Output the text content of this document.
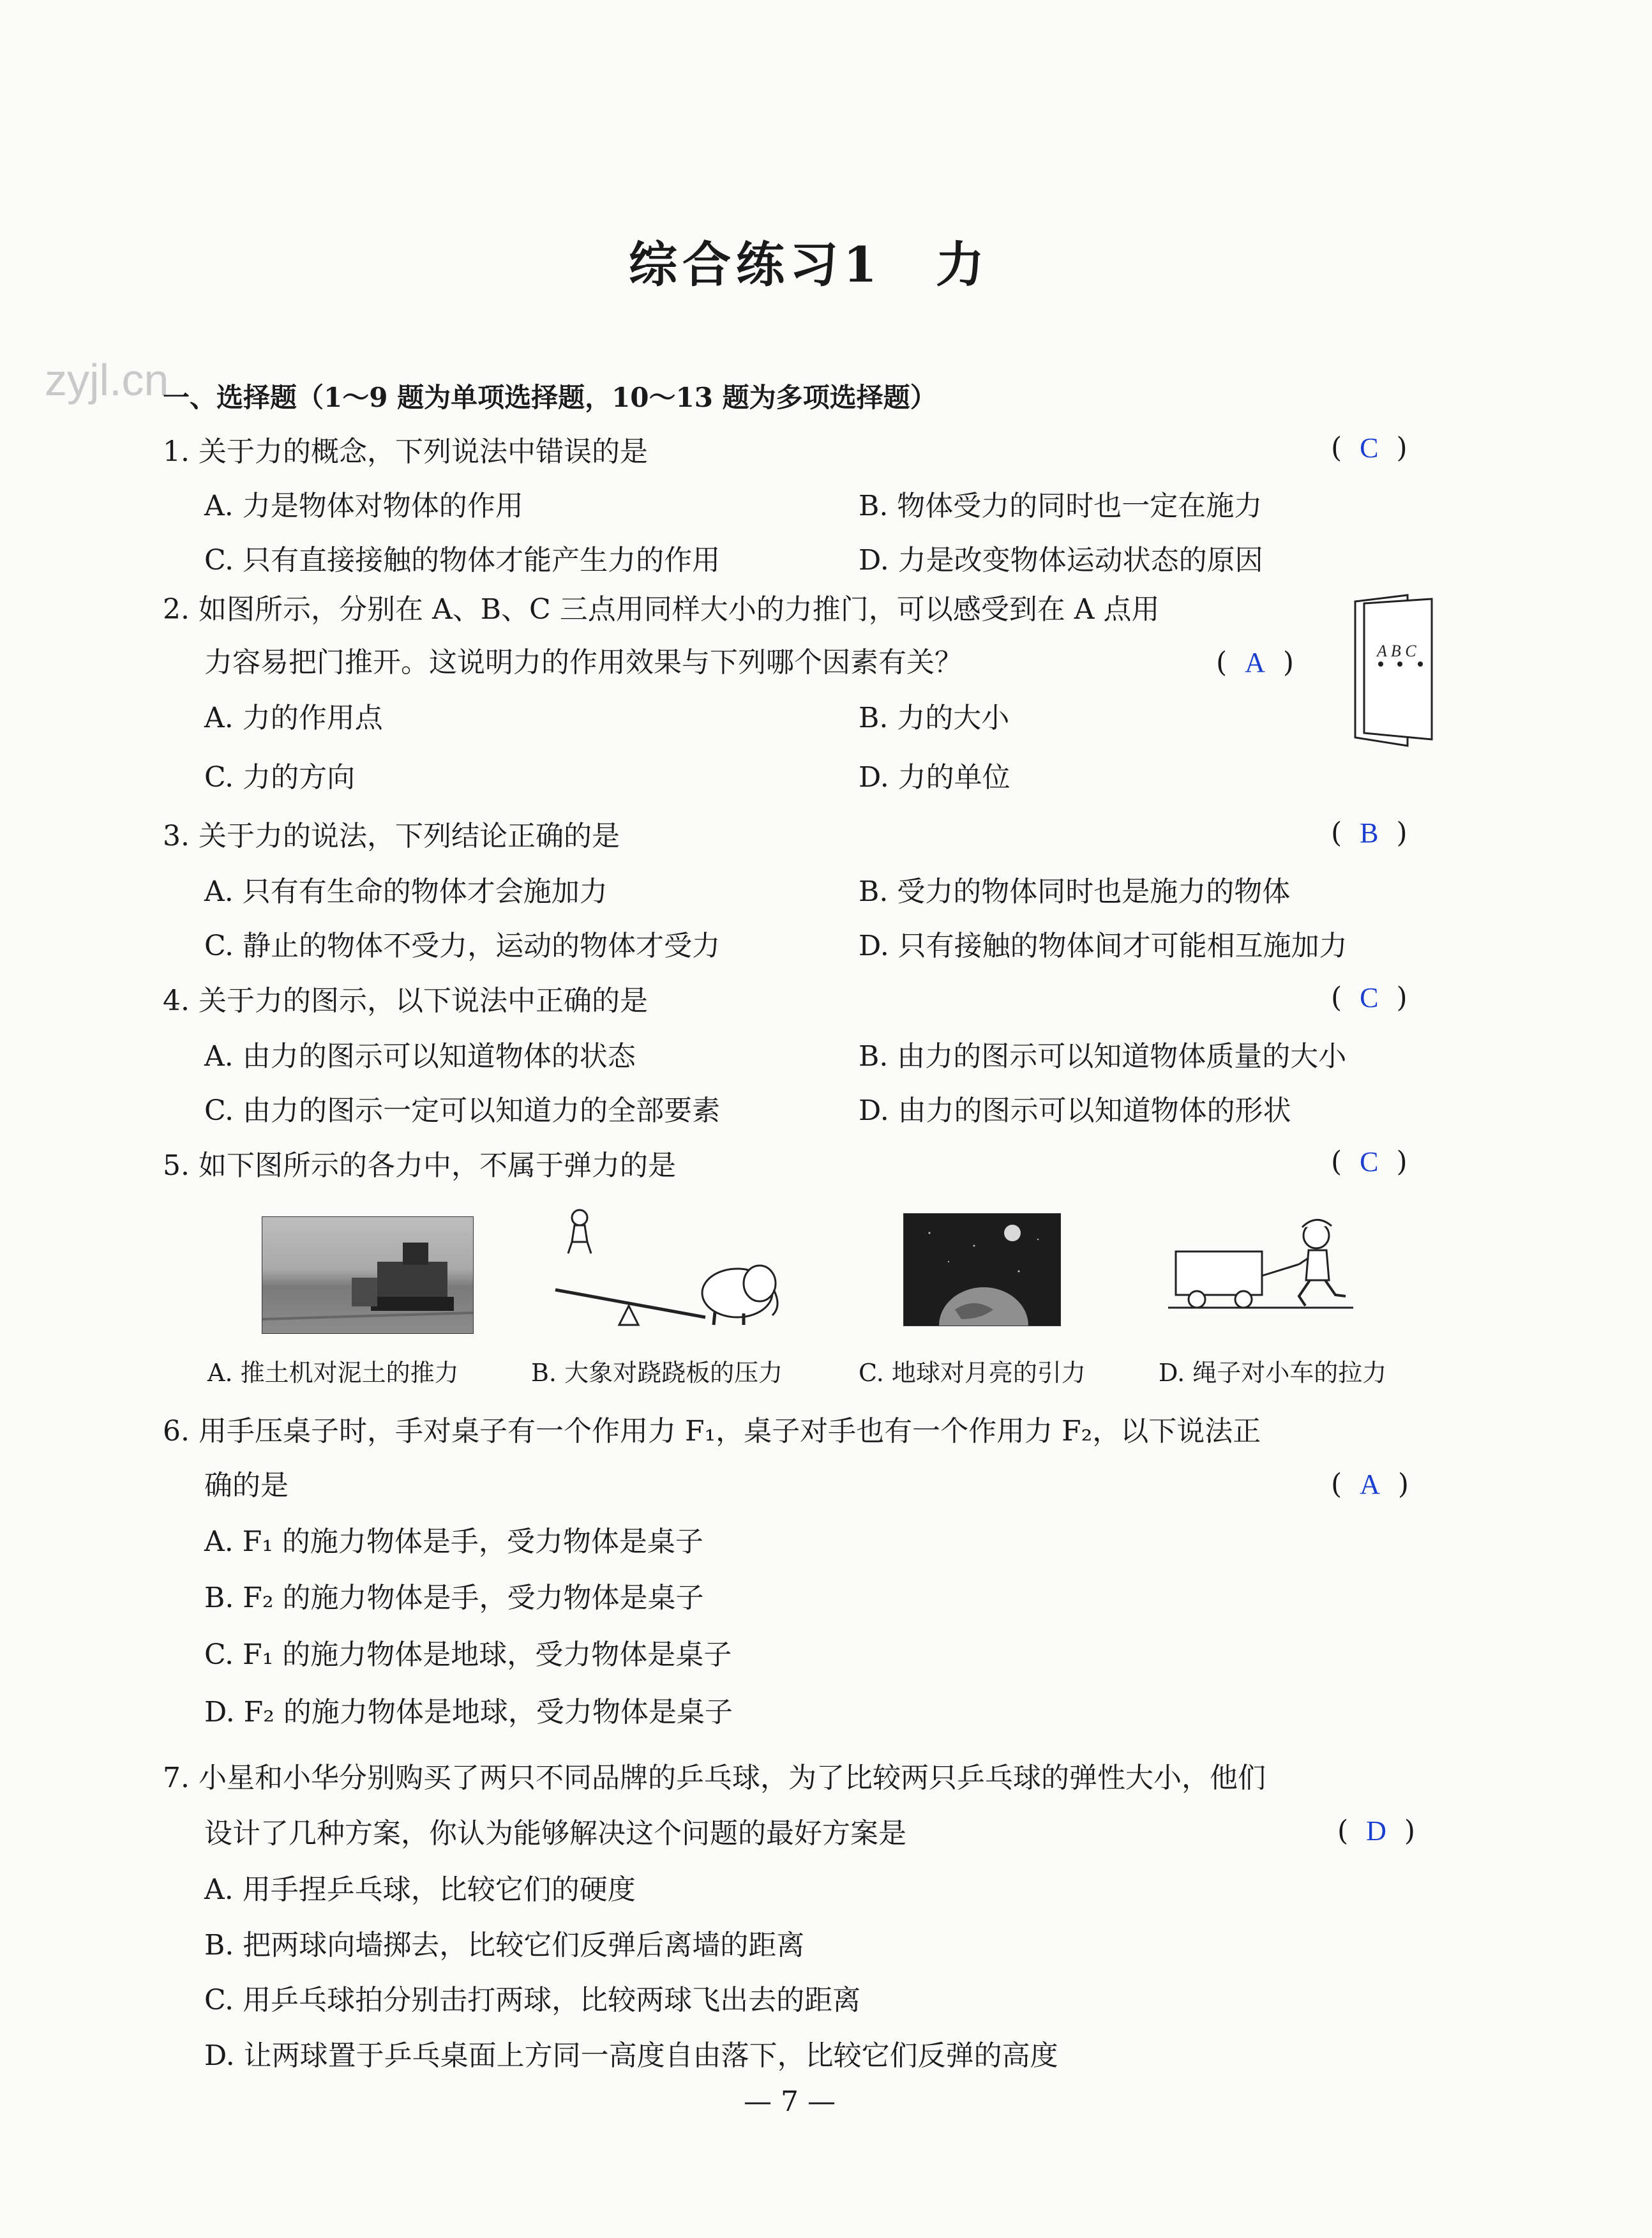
zyjl.cn
综合练习1　力
一、选择题（1～9 题为单项选择题，10～13 题为多项选择题）
1. 关于力的概念，下列说法中错误的是	(  C  )
A. 力是物体对物体的作用	B. 物体受力的同时也一定在施力
C. 只有直接接触的物体才能产生力的作用	D. 力是改变物体运动状态的原因
2. 如图所示，分别在 A、B、C 三点用同样大小的力推门，可以感受到在 A 点用
力容易把门推开。这说明力的作用效果与下列哪个因素有关？	(  A  )
A. 力的作用点	B. 力的大小
C. 力的方向	D. 力的单位
A B C
3. 关于力的说法，下列结论正确的是	(  B  )
A. 只有有生命的物体才会施加力	B. 受力的物体同时也是施力的物体
C. 静止的物体不受力，运动的物体才受力	D. 只有接触的物体间才可能相互施加力
4. 关于力的图示，以下说法中正确的是	(  C  )
A. 由力的图示可以知道物体的状态	B. 由力的图示可以知道物体质量的大小
C. 由力的图示一定可以知道力的全部要素	D. 由力的图示可以知道物体的形状
5. 如下图所示的各力中，不属于弹力的是	(  C  )
A. 推土机对泥土的推力	B. 大象对跷跷板的压力	C. 地球对月亮的引力	D. 绳子对小车的拉力
6. 用手压桌子时，手对桌子有一个作用力 F₁，桌子对手也有一个作用力 F₂，以下说法正
确的是	(  A  )
A. F₁ 的施力物体是手，受力物体是桌子
B. F₂ 的施力物体是手，受力物体是桌子
C. F₁ 的施力物体是地球，受力物体是桌子
D. F₂ 的施力物体是地球，受力物体是桌子
7. 小星和小华分别购买了两只不同品牌的乒乓球，为了比较两只乒乓球的弹性大小，他们
设计了几种方案，你认为能够解决这个问题的最好方案是	(  D  )
A. 用手捏乒乓球，比较它们的硬度
B. 把两球向墙掷去，比较它们反弹后离墙的距离
C. 用乒乓球拍分别击打两球，比较两球飞出去的距离
D. 让两球置于乒乓桌面上方同一高度自由落下，比较它们反弹的高度
— 7 —
